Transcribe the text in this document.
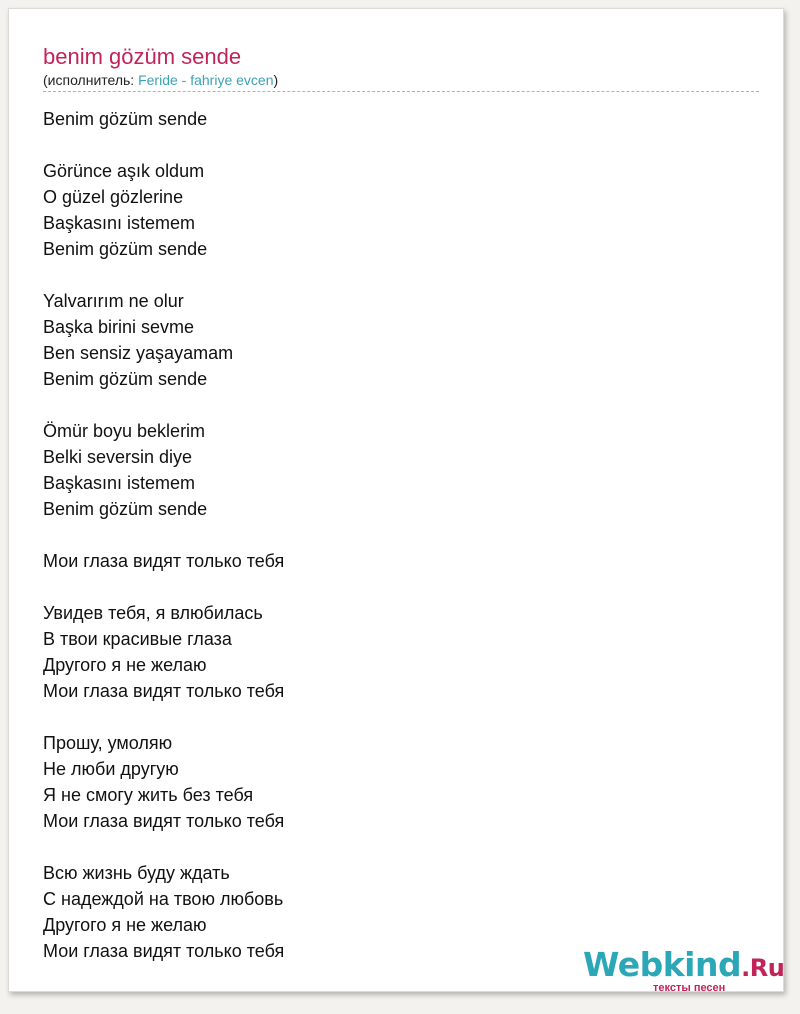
benim gözüm sende
(исполнитель: Feride - fahriye evcen)
Benim gözüm sende
Görünce aşık oldum
O güzel gözlerine
Başkasını istemem
Benim gözüm sende
Yalvarırım ne olur
Başka birini sevme
Ben sensiz yaşayamam
Benim gözüm sende
Ömür boyu beklerim
Belki seversin diye
Başkasını istemem
Benim gözüm sende
Мои глаза видят только тебя
Увидев тебя, я влюбилась
В твои красивые глаза
Другого я не желаю
Мои глаза видят только тебя
Прошу, умоляю
Не люби другую
Я не смогу жить без тебя
Мои глаза видят только тебя
Всю жизнь буду ждать
С надеждой на твою любовь
Другого я не желаю
Мои глаза видят только тебя	Webkind.Ru
тексты песен
